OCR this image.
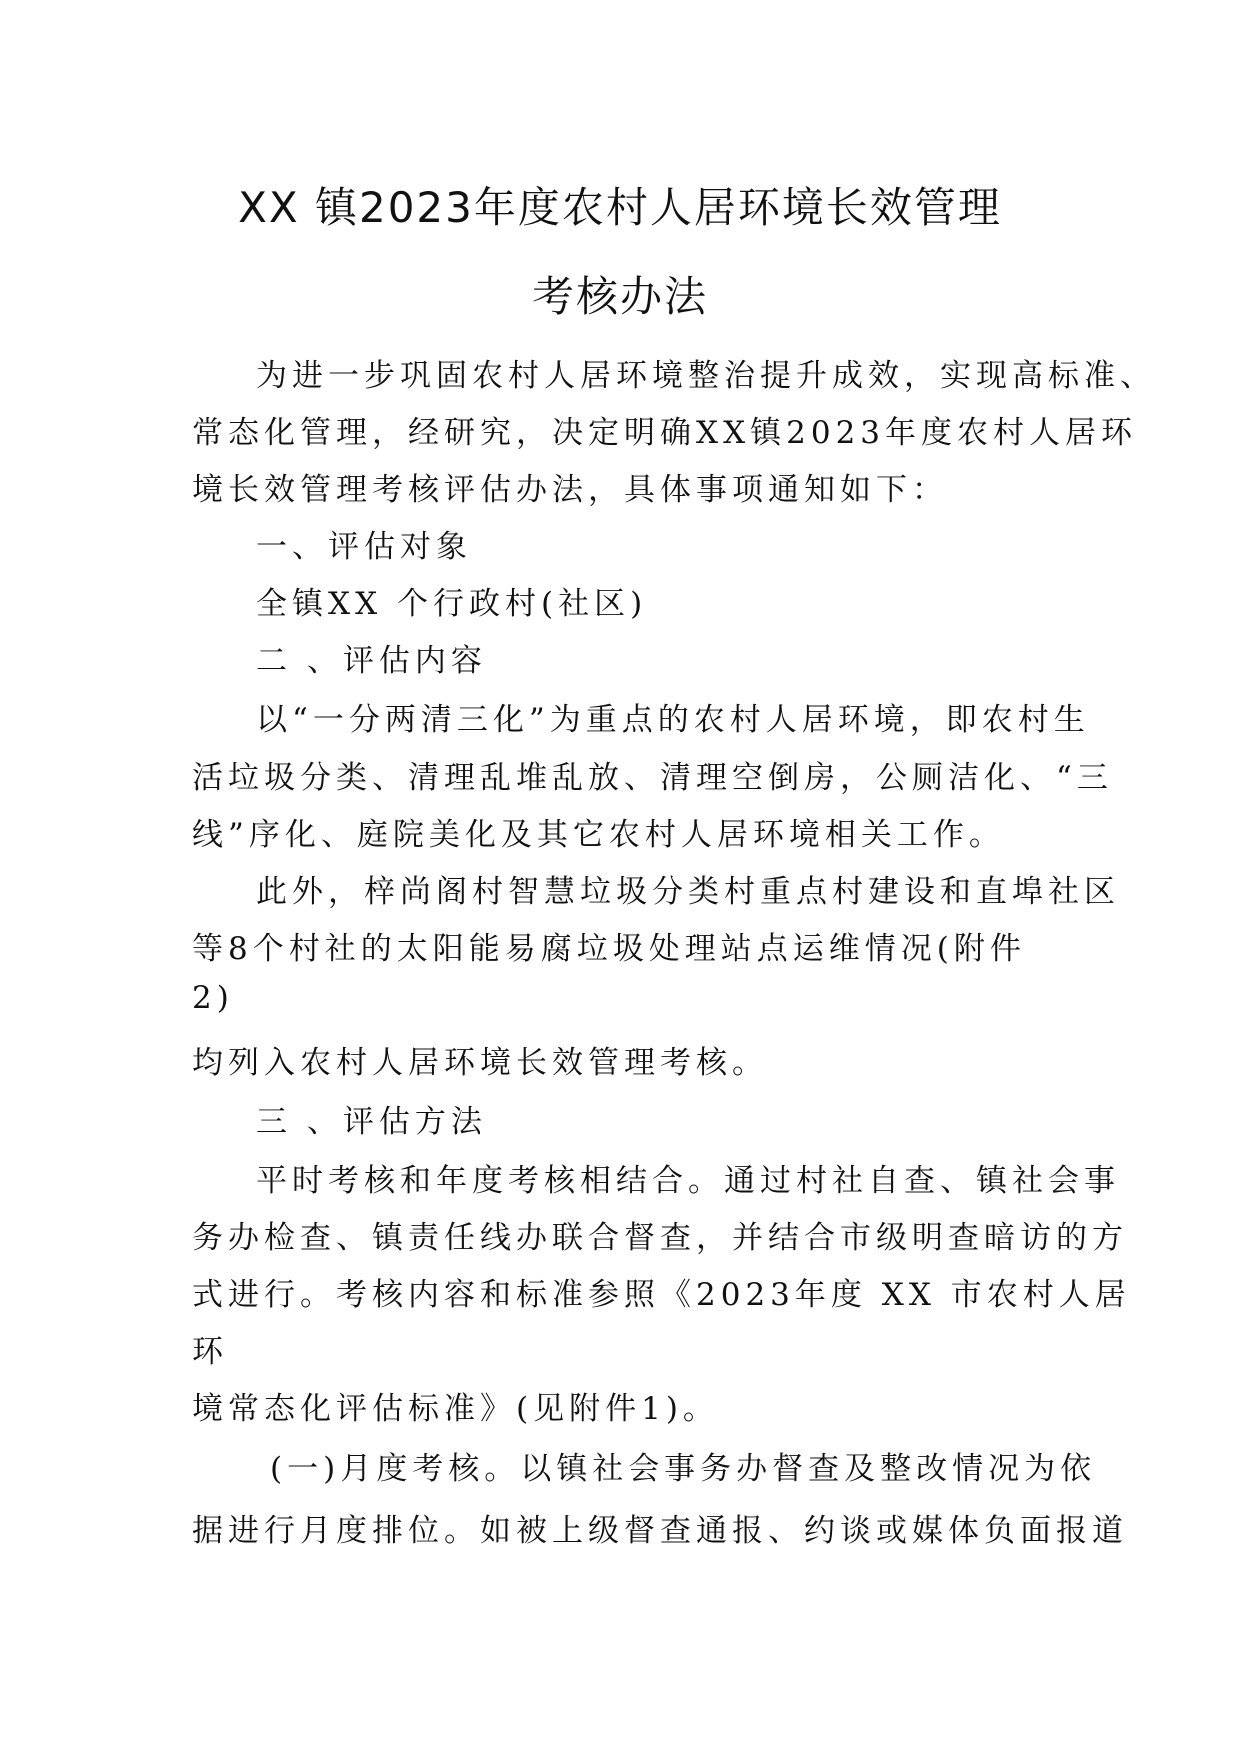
XX 镇2023年度农村人居环境长效管理
考核办法
为进一步巩固农村人居环境整治提升成效，实现高标准、
常态化管理，经研究，决定明确XX镇2023年度农村人居环
境长效管理考核评估办法，具体事项通知如下：
一、评估对象
全镇XX 个行政村(社区)
二 、评估内容
以“一分两清三化”为重点的农村人居环境，即农村生
活垃圾分类、清理乱堆乱放、清理空倒房，公厕洁化、“三
线”序化、庭院美化及其它农村人居环境相关工作。
此外，梓尚阁村智慧垃圾分类村重点村建设和直埠社区
等8个村社的太阳能易腐垃圾处理站点运维情况(附件
2)
均列入农村人居环境长效管理考核。
三 、评估方法
平时考核和年度考核相结合。通过村社自查、镇社会事
务办检查、镇责任线办联合督查，并结合市级明查暗访的方
式进行。考核内容和标准参照《2023年度 XX 市农村人居
环
境常态化评估标准》(见附件1)。
(一)月度考核。以镇社会事务办督查及整改情况为依
据进行月度排位。如被上级督查通报、约谈或媒体负面报道
